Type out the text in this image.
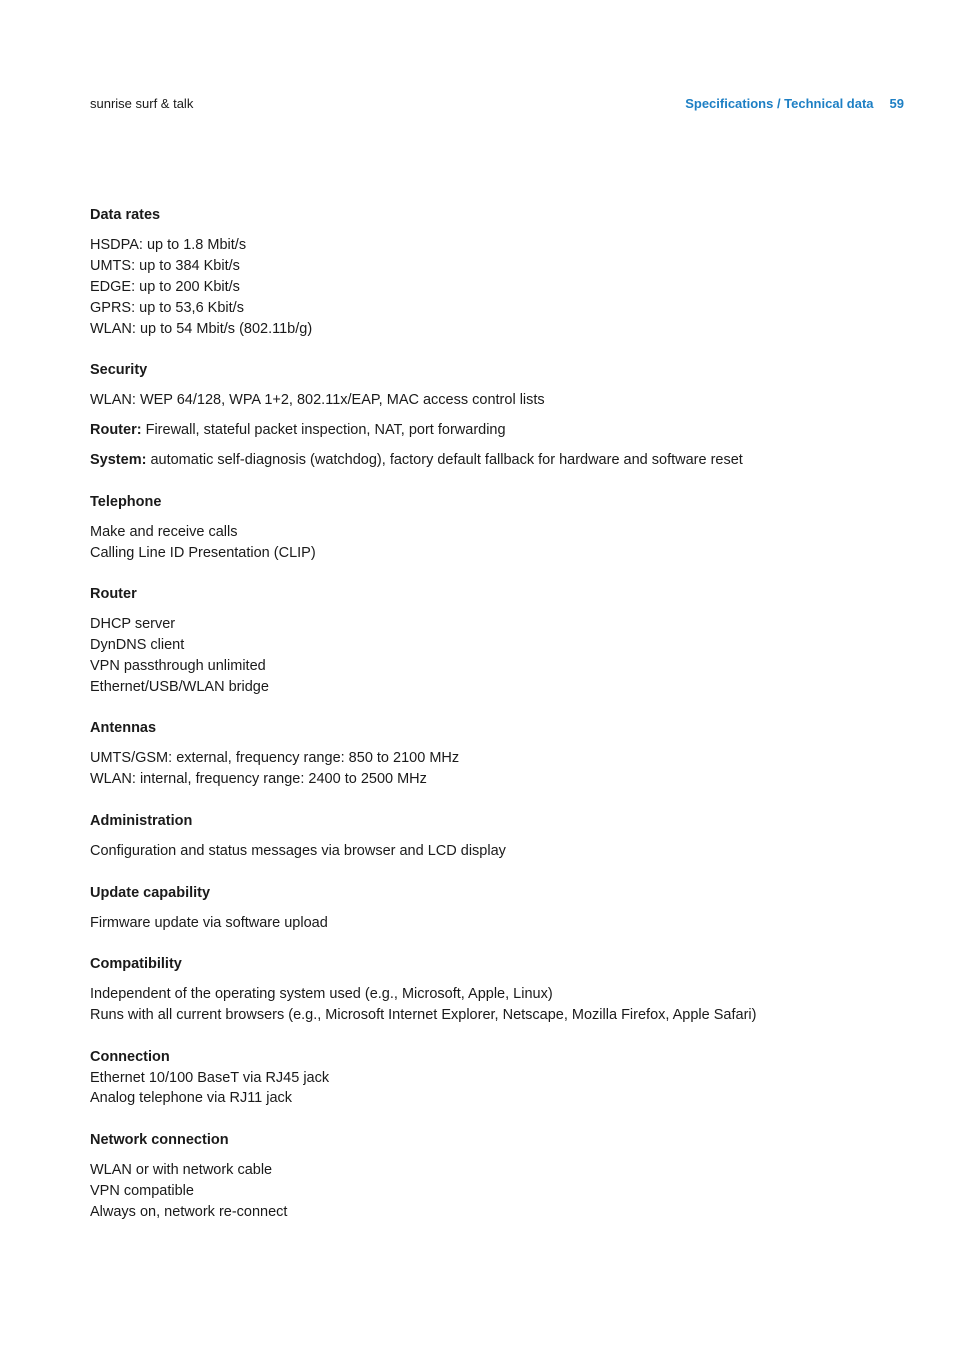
sunrise surf & talk	Specifications / Technical data 59
Data rates
HSDPA: up to 1.8 Mbit/s
UMTS: up to 384 Kbit/s
EDGE: up to 200 Kbit/s
GPRS: up to 53,6 Kbit/s
WLAN: up to 54 Mbit/s (802.11b/g)
Security
WLAN: WEP 64/128, WPA 1+2, 802.11x/EAP, MAC access control lists
Router: Firewall, stateful packet inspection, NAT, port forwarding
System: automatic self-diagnosis (watchdog), factory default fallback for hardware and software reset
Telephone
Make and receive calls
Calling Line ID Presentation (CLIP)
Router
DHCP server
DynDNS client
VPN passthrough unlimited
Ethernet/USB/WLAN bridge
Antennas
UMTS/GSM: external, frequency range: 850 to 2100 MHz
WLAN: internal, frequency range: 2400 to 2500 MHz
Administration
Configuration and status messages via browser and LCD display
Update capability
Firmware update via software upload
Compatibility
Independent of the operating system used (e.g., Microsoft, Apple, Linux)
Runs with all current browsers (e.g., Microsoft Internet Explorer, Netscape, Mozilla Firefox, Apple Safari)
Connection
Ethernet 10/100 BaseT via RJ45 jack
Analog telephone via RJ11 jack
Network connection
WLAN or with network cable
VPN compatible
Always on, network re-connect
